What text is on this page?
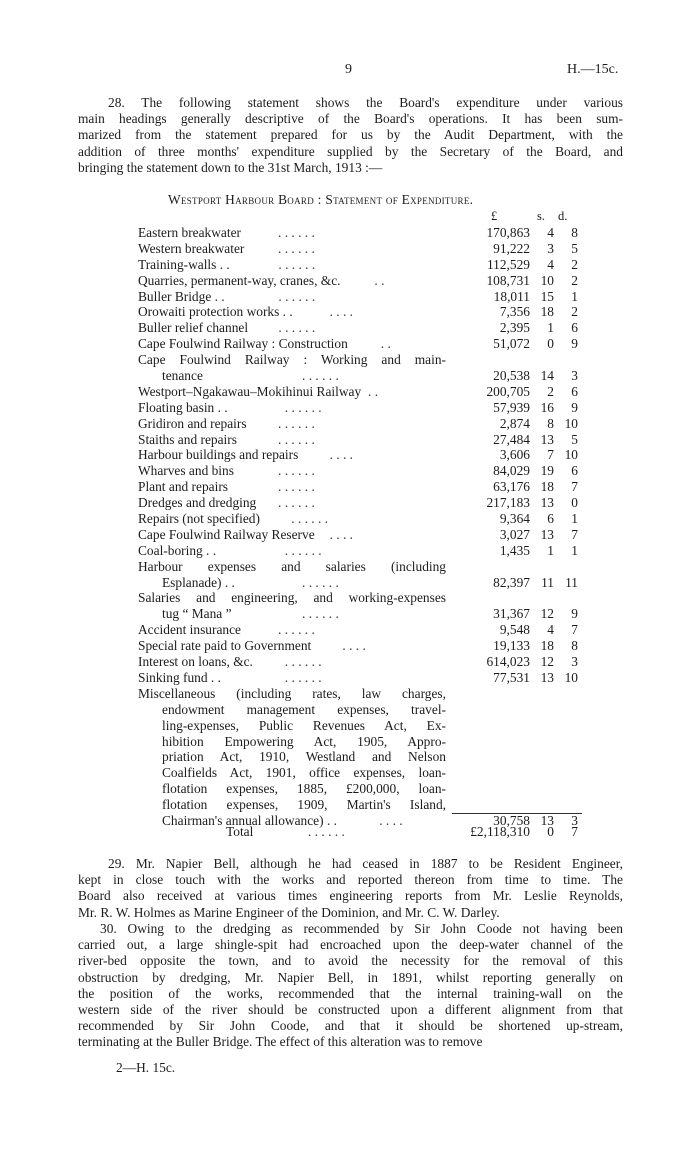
9	H.—15c.
28. The following statement shows the Board's expenditure under various
main headings generally descriptive of the Board's operations. It has been sum-
marized from the statement prepared for us by the Audit Department, with the
addition of three months' expenditure supplied by the Secretary of the Board, and
bringing the statement down to the 31st March, 1913 :—
Westport Harbour Board : Statement of Expenditure.
£	s. d.
Eastern breakwater	. . . . . .	170,863	4	8
Western breakwater	. . . . . .	91,222	3	5
Training-walls . .	. . . . . .	112,529	4	2
Quarries, permanent-way, cranes, &c.	. .	108,731 10	2
Buller Bridge . .	. . . . . .	18,011 15	1
Orowaiti protection works . .	. . . .	7,356 18	2
Buller relief channel . . . . . .	2,395	1	6
Cape Foulwind Railway : Construction . .	51,072	0	9
Cape Foulwind Railway : Working and main-
tenance	. . . . . .	20,538 14	3
Westport–Ngakawau–Mokihinui Railway . .	200,705	2	6
Floating basin . .	. . . . . .	57,939 16	9
Gridiron and repairs . . . . . .	2,874	8 10
Staiths and repairs	. . . . . .	27,484 13	5
Harbour buildings and repairs . . . .	3,606	7 10
Wharves and bins	. . . . . .	84,029 19	6
Plant and repairs	. . . . . .	63,176 18	7
Dredges and dredging . . . . . .	217,183 13	0
Repairs (not specified) . . . . . .	9,364	6	1
Cape Foulwind Railway Reserve . . . .	3,027 13	7
Coal-boring . .	. . . . . .	1,435	1	1
Harbour expenses and salaries (including
Esplanade) . .	. . . . . .	82,397 11 11
Salaries and engineering, and working-expenses
tug “ Mana ”	. . . . . .	31,367 12	9
Accident insurance	. . . . . .	9,548	4	7
Special rate paid to Government . . . .	19,133 18	8
Interest on loans, &c. . . . . . .	614,023 12	3
Sinking fund . .	. . . . . .	77,531 13 10
Miscellaneous (including rates, law charges,
endowment management expenses, travel-
ling-expenses, Public Revenues Act, Ex-
hibition Empowering Act, 1905, Appro-
priation Act, 1910, Westland and Nelson
Coalfields Act, 1901, office expenses, loan-
flotation expenses, 1885, £200,000, loan-
flotation expenses, 1909, Martin's Island,
Chairman's annual allowance) . .	. . . .	30,758 13	3
Total	. . . . . .	£2,118,310	0	7
29. Mr. Napier Bell, although he had ceased in 1887 to be Resident Engineer,
kept in close touch with the works and reported thereon from time to time. The
Board also received at various times engineering reports from Mr. Leslie Reynolds,
Mr. R. W. Holmes as Marine Engineer of the Dominion, and Mr. C. W. Darley.
30. Owing to the dredging as recommended by Sir John Coode not having been
carried out, a large shingle-spit had encroached upon the deep-water channel of the
river-bed opposite the town, and to avoid the necessity for the removal of this
obstruction by dredging, Mr. Napier Bell, in 1891, whilst reporting generally on
the position of the works, recommended that the internal training-wall on the
western side of the river should be constructed upon a different alignment from that
recommended by Sir John Coode, and that it should be shortened up-stream,
terminating at the Buller Bridge. The effect of this alteration was to remove
2—H. 15c.
